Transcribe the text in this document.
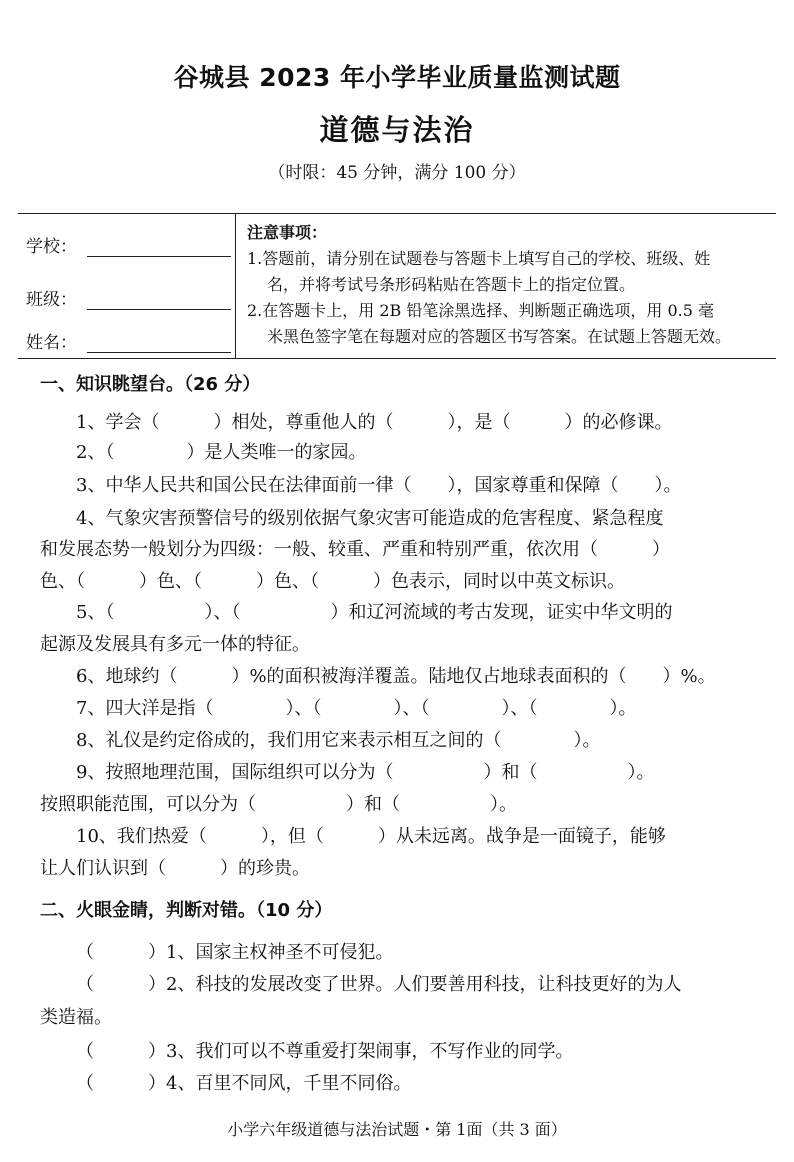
谷城县 2023 年小学毕业质量监测试题
道德与法治
（时限：45 分钟，满分 100 分）
学校：
班级：
姓名：
注意事项：
1.答题前，请分别在试题卷与答题卡上填写自己的学校、班级、姓
名，并将考试号条形码粘贴在答题卡上的指定位置。
2.在答题卡上，用 2B 铅笔涂黑选择、判断题正确选项，用 0.5 毫
米黑色签字笔在每题对应的答题区书写答案。在试题上答题无效。
一、知识眺望台。（26 分）
1、学会（　　　）相处，尊重他人的（　　　），是（　　　）的必修课。
2、（　　　　）是人类唯一的家园。
3、中华人民共和国公民在法律面前一律（　　），国家尊重和保障（　　）。
4、气象灾害预警信号的级别依据气象灾害可能造成的危害程度、紧急程度
和发展态势一般划分为四级：一般、较重、严重和特别严重，依次用（　　　）
色、（　　　）色、（　　　）色、（　　　）色表示，同时以中英文标识。
5、（　　　　　）、（　　　　　）和辽河流域的考古发现，证实中华文明的
起源及发展具有多元一体的特征。
6、地球约（　　　）%的面积被海洋覆盖。陆地仅占地球表面积的（　　）%。
7、四大洋是指（　　　　）、（　　　　）、（　　　　）、（　　　　）。
8、礼仪是约定俗成的，我们用它来表示相互之间的（　　　　）。
9、按照地理范围，国际组织可以分为（　　　　　）和（　　　　　）。
按照职能范围，可以分为（　　　　　）和（　　　　　）。
10、我们热爱（　　　），但（　　　）从未远离。战争是一面镜子，能够
让人们认识到（　　　）的珍贵。
二、火眼金睛，判断对错。（10 分）
（　　　）1、国家主权神圣不可侵犯。
（　　　）2、科技的发展改变了世界。人们要善用科技，让科技更好的为人
类造福。
（　　　）3、我们可以不尊重爱打架闹事，不写作业的同学。
（　　　）4、百里不同风，千里不同俗。
小学六年级道德与法治试题・第 1面（共 3 面）
